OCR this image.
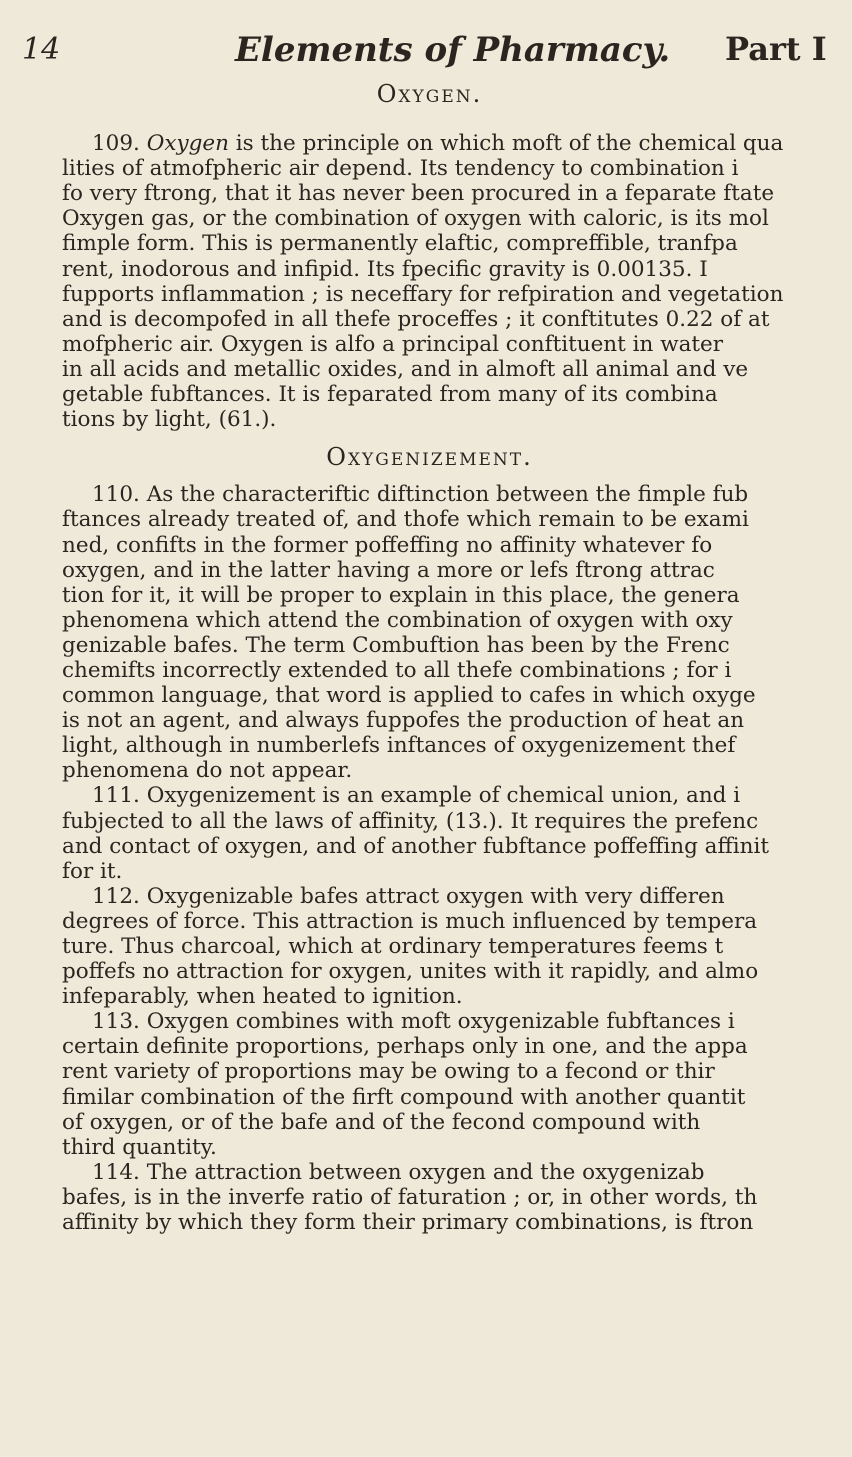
14	Elements of Pharmacy. Part I
Oxygen.
109. Oxygen is the principle on which moft of the chemical qua
lities of atmofpheric air depend. Its tendency to combination i
fo very ftrong, that it has never been procured in a feparate ftate
Oxygen gas, or the combination of oxygen with caloric, is its mol
fimple form. This is permanently elaftic, compreffible, tranfpa
rent, inodorous and infipid. Its fpecific gravity is 0.00135. I
fupports inflammation ; is neceffary for refpiration and vegetation
and is decompofed in all thefe proceffes ; it conftitutes 0.22 of at
mofpheric air. Oxygen is alfo a principal conftituent in water
in all acids and metallic oxides, and in almoft all animal and ve
getable fubftances. It is feparated from many of its combina
tions by light, (61.).
Oxygenizement.
110. As the characteriftic diftinction between the fimple fub
ftances already treated of, and thofe which remain to be exami
ned, confifts in the former poffeffing no affinity whatever fo
oxygen, and in the latter having a more or lefs ftrong attrac
tion for it, it will be proper to explain in this place, the genera
phenomena which attend the combination of oxygen with oxy
genizable bafes. The term Combuftion has been by the Frenc
chemifts incorrectly extended to all thefe combinations ; for i
common language, that word is applied to cafes in which oxyge
is not an agent, and always fuppofes the production of heat an
light, although in numberlefs inftances of oxygenizement thef
phenomena do not appear.
111. Oxygenizement is an example of chemical union, and i
fubjected to all the laws of affinity, (13.). It requires the prefenc
and contact of oxygen, and of another fubftance poffeffing affinit
for it.
112. Oxygenizable bafes attract oxygen with very differen
degrees of force. This attraction is much influenced by tempera
ture. Thus charcoal, which at ordinary temperatures feems t
poffefs no attraction for oxygen, unites with it rapidly, and almo
infeparably, when heated to ignition.
113. Oxygen combines with moft oxygenizable fubftances i
certain definite proportions, perhaps only in one, and the appa
rent variety of proportions may be owing to a fecond or thir
fimilar combination of the firft compound with another quantit
of oxygen, or of the bafe and of the fecond compound with
third quantity.
114. The attraction between oxygen and the oxygenizab
bafes, is in the inverfe ratio of faturation ; or, in other words, th
affinity by which they form their primary combinations, is ftron
